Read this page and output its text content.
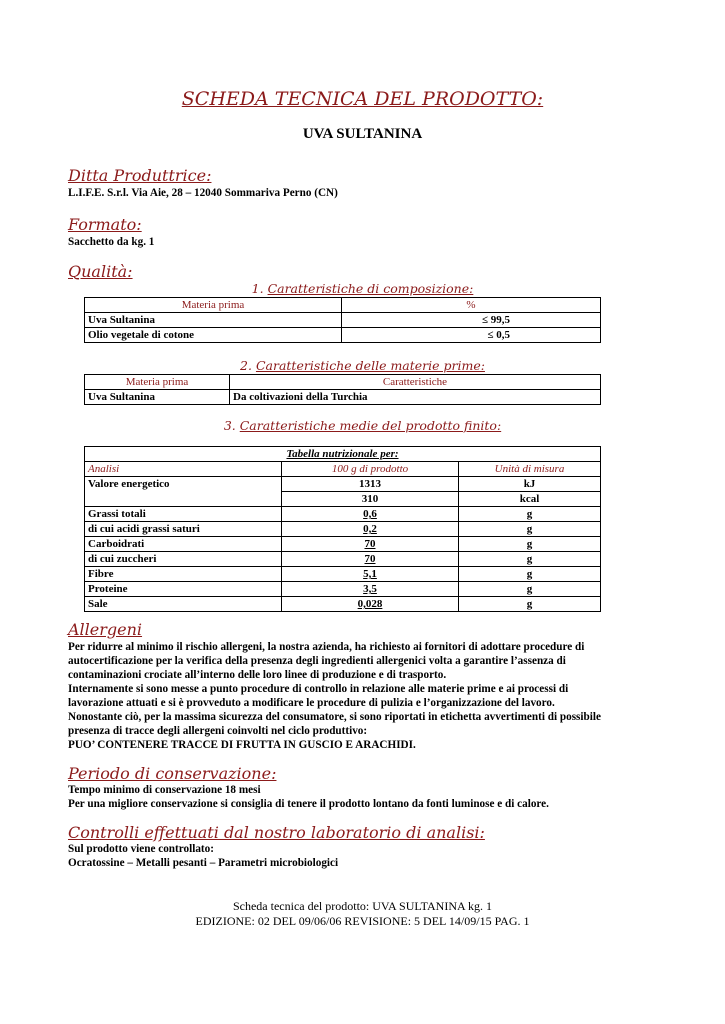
SCHEDA TECNICA DEL PRODOTTO:
UVA SULTANINA
Ditta Produttrice:
L.I.F.E. S.r.l. Via Aie, 28 – 12040 Sommariva Perno (CN)
Formato:
Sacchetto da kg. 1
Qualità:
1. Caratteristiche di composizione:
Materia prima	%
Uva Sultanina	≤ 99,5
Olio vegetale di cotone	≤ 0,5
2. Caratteristiche delle materie prime:
Materia prima	Caratteristiche
Uva Sultanina	Da coltivazioni della Turchia
3. Caratteristiche medie del prodotto finito:
Tabella nutrizionale per:		
Analisi	100 g di prodotto	Unità di misura
Valore energetico	1313	kJ
	310	kcal
Grassi totali	0,6	g
di cui acidi grassi saturi	0,2	g
Carboidrati	70	g
di cui zuccheri	70	g
Fibre	5,1	g
Proteine	3,5	g
Sale	0,028	g
Allergeni
Per ridurre al minimo il rischio allergeni, la nostra azienda, ha richiesto ai fornitori di adottare procedure di
autocertificazione per la verifica della presenza degli ingredienti allergenici volta a garantire l’assenza di
contaminazioni crociate all’interno delle loro linee di produzione e di trasporto.
Internamente si sono messe a punto procedure di controllo in relazione alle materie prime e ai processi di
lavorazione attuati e si è provveduto a modificare le procedure di pulizia e l’organizzazione del lavoro.
Nonostante ciò, per la massima sicurezza del consumatore, si sono riportati in etichetta avvertimenti di possibile
presenza di tracce degli allergeni coinvolti nel ciclo produttivo:
PUO’ CONTENERE TRACCE DI FRUTTA IN GUSCIO E ARACHIDI.
Periodo di conservazione:
Tempo minimo di conservazione 18 mesi
Per una migliore conservazione si consiglia di tenere il prodotto lontano da fonti luminose e di calore.
Controlli effettuati dal nostro laboratorio di analisi:
Sul prodotto viene controllato:
Ocratossine – Metalli pesanti – Parametri microbiologici
Scheda tecnica del prodotto: UVA SULTANINA kg. 1
EDIZIONE: 02 DEL 09/06/06 REVISIONE: 5 DEL 14/09/15 PAG. 1
